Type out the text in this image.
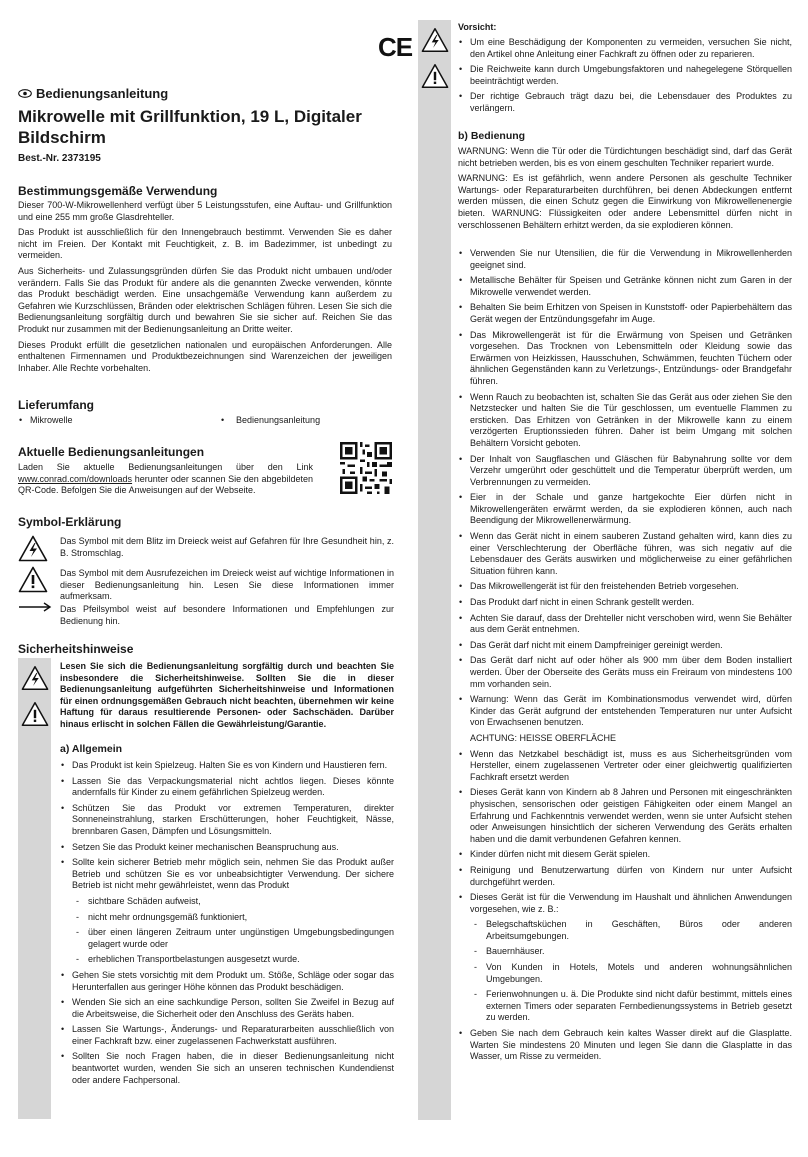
CE
Bedienungsanleitung
Mikrowelle mit Grillfunktion, 19 L, Digitaler Bildschirm
Best.-Nr. 2373195
Bestimmungsgemäße Verwendung

Dieser 700-W-Mikrowellenherd verfügt über 5 Leistungsstufen, eine Auftau- und Grillfunktion und eine 255 mm große Glasdrehteller.

Das Produkt ist ausschließlich für den Innengebrauch bestimmt. Verwenden Sie es daher nicht im Freien. Der Kontakt mit Feuchtigkeit, z. B. im Badezimmer, ist unbedingt zu vermeiden.

Aus Sicherheits- und Zulassungsgründen dürfen Sie das Produkt nicht umbauen und/oder verändern. Falls Sie das Produkt für andere als die genannten Zwecke verwenden, könnte das Produkt beschädigt werden. Eine unsachgemäße Verwendung kann außerdem zu Gefahren wie Kurzschlüssen, Bränden oder elektrischen Schlägen führen. Lesen Sie sich die Bedienungsanleitung sorgfältig durch und bewahren Sie sie sicher auf. Reichen Sie das Produkt nur zusammen mit der Bedienungsanleitung an Dritte weiter.

Dieses Produkt erfüllt die gesetzlichen nationalen und europäischen Anforderungen. Alle enthaltenen Firmennamen und Produktbezeichnungen sind Warenzeichen der jeweiligen Inhaber. Alle Rechte vorbehalten.

Lieferumfang
• Mikrowelle	• Bedienungsanleitung
Aktuelle Bedienungsanleitungen

Laden Sie aktuelle Bedienungsanleitungen über den Link www.conrad.com/downloads herunter oder scannen Sie den abgebildeten QR-Code. Befolgen Sie die Anweisungen auf der Webseite.

Symbol-Erklärung
Das Symbol mit dem Blitz im Dreieck weist auf Gefahren für Ihre Gesundheit hin, z. B. Stromschlag.
Das Symbol mit dem Ausrufezeichen im Dreieck weist auf wichtige Informationen in dieser Bedienungsanleitung hin. Lesen Sie diese Informationen immer aufmerksam.
Das Pfeilsymbol weist auf besondere Informationen und Empfehlungen zur Bedienung hin.
Sicherheitshinweise
Lesen Sie sich die Bedienungsanleitung sorgfältig durch und beachten Sie insbesondere die Sicherheitshinweise. Sollten Sie die in dieser Bedienungsanleitung aufgeführten Sicherheitshinweise und Informationen für einen ordnungsgemäßen Gebrauch nicht beachten, übernehmen wir keine Haftung für daraus resultierende Personen- oder Sachschäden. Darüber hinaus erlischt in solchen Fällen die Gewährleistung/Garantie.
a) Allgemein
• Das Produkt ist kein Spielzeug. Halten Sie es von Kindern und Haustieren fern.
• Lassen Sie das Verpackungsmaterial nicht achtlos liegen. Dieses könnte andernfalls für Kinder zu einem gefährlichen Spielzeug werden.
• Schützen Sie das Produkt vor extremen Temperaturen, direkter Sonneneinstrahlung, starken Erschütterungen, hoher Feuchtigkeit, Nässe, brennbaren Gasen, Dämpfen und Lösungsmitteln.
• Setzen Sie das Produkt keiner mechanischen Beanspruchung aus.
• Sollte kein sicherer Betrieb mehr möglich sein, nehmen Sie das Produkt außer Betrieb und schützen Sie es vor unbeabsichtigter Verwendung. Der sichere Betrieb ist nicht mehr gewährleistet, wenn das Produkt
- sichtbare Schäden aufweist,
- nicht mehr ordnungsgemäß funktioniert,
- über einen längeren Zeitraum unter ungünstigen Umgebungsbedingungen gelagert wurde oder
- erheblichen Transportbelastungen ausgesetzt wurde.
• Gehen Sie stets vorsichtig mit dem Produkt um. Stöße, Schläge oder sogar das Herunterfallen aus geringer Höhe können das Produkt beschädigen.
• Wenden Sie sich an eine sachkundige Person, sollten Sie Zweifel in Bezug auf die Arbeitsweise, die Sicherheit oder den Anschluss des Geräts haben.
• Lassen Sie Wartungs-, Änderungs- und Reparaturarbeiten ausschließlich von einer Fachkraft bzw. einer zugelassenen Fachwerkstatt ausführen.
• Sollten Sie noch Fragen haben, die in dieser Bedienungsanleitung nicht beantwortet wurden, wenden Sie sich an unseren technischen Kundendienst oder andere Fachpersonal.
Vorsicht:
• Um eine Beschädigung der Komponenten zu vermeiden, versuchen Sie nicht, den Artikel ohne Anleitung einer Fachkraft zu öffnen oder zu reparieren.
• Die Reichweite kann durch Umgebungsfaktoren und nahegelegene Störquellen beeinträchtigt werden.
• Der richtige Gebrauch trägt dazu bei, die Lebensdauer des Produktes zu verlängern.
b) Bedienung

WARNUNG: Wenn die Tür oder die Türdichtungen beschädigt sind, darf das Gerät nicht betrieben werden, bis es von einem geschulten Techniker repariert wurde.

WARNUNG: Es ist gefährlich, wenn andere Personen als geschulte Techniker Wartungs- oder Reparaturarbeiten durchführen, bei denen Abdeckungen entfernt werden müssen, die einen Schutz gegen die Einwirkung von Mikrowellenenergie bieten. WARNUNG: Flüssigkeiten oder andere Lebensmittel dürfen nicht in verschlossenen Behältern erhitzt werden, da sie explodieren können.

• Verwenden Sie nur Utensilien, die für die Verwendung in Mikrowellenherden geeignet sind.
• Metallische Behälter für Speisen und Getränke können nicht zum Garen in der Mikrowelle verwendet werden.
• Behalten Sie beim Erhitzen von Speisen in Kunststoff- oder Papierbehältern das Gerät wegen der Entzündungsgefahr im Auge.
• Das Mikrowellengerät ist für die Erwärmung von Speisen und Getränken vorgesehen. Das Trocknen von Lebensmitteln oder Kleidung sowie das Erwärmen von Heizkissen, Hausschuhen, Schwämmen, feuchten Tüchern oder ähnlichen Gegenständen kann zu Verletzungs-, Entzündungs- oder Brandgefahr führen.
• Wenn Rauch zu beobachten ist, schalten Sie das Gerät aus oder ziehen Sie den Netzstecker und halten Sie die Tür geschlossen, um eventuelle Flammen zu ersticken. Das Erhitzen von Getränken in der Mikrowelle kann zu einem verzögerten Eruptionssieden führen. Daher ist beim Umgang mit solchen Behältern Vorsicht geboten.
• Der Inhalt von Saugflaschen und Gläschen für Babynahrung sollte vor dem Verzehr umgerührt oder geschüttelt und die Temperatur überprüft werden, um Verbrennungen zu vermeiden.
• Eier in der Schale und ganze hartgekochte Eier dürfen nicht in Mikrowellengeräten erwärmt werden, da sie explodieren können, auch nach Beendigung der Mikrowellenerwärmung.
• Wenn das Gerät nicht in einem sauberen Zustand gehalten wird, kann dies zu einer Verschlechterung der Oberfläche führen, was sich negativ auf die Lebensdauer des Geräts auswirken und möglicherweise zu einer gefährlichen Situation führen kann.
• Das Mikrowellengerät ist für den freistehenden Betrieb vorgesehen.
• Das Produkt darf nicht in einen Schrank gestellt werden.
• Achten Sie darauf, dass der Drehteller nicht verschoben wird, wenn Sie Behälter aus dem Gerät entnehmen.
• Das Gerät darf nicht mit einem Dampfreiniger gereinigt werden.
• Das Gerät darf nicht auf oder höher als 900 mm über dem Boden installiert werden. Über der Oberseite des Geräts muss ein Freiraum von mindestens 100 mm vorhanden sein.
• Warnung: Wenn das Gerät im Kombinationsmodus verwendet wird, dürfen Kinder das Gerät aufgrund der entstehenden Temperaturen nur unter Aufsicht von Erwachsenen benutzen.
ACHTUNG: HEISSE OBERFLÄCHE
• Wenn das Netzkabel beschädigt ist, muss es aus Sicherheitsgründen vom Hersteller, einem zugelassenen Vertreter oder einer gleichwertig qualifizierten Fachkraft ersetzt werden
• Dieses Gerät kann von Kindern ab 8 Jahren und Personen mit eingeschränkten physischen, sensorischen oder geistigen Fähigkeiten oder einem Mangel an Erfahrung und Fachkenntnis verwendet werden, wenn sie unter Aufsicht stehen oder Anweisungen hinsichtlich der sicheren Verwendung des Geräts erhalten haben und die damit verbundenen Gefahren kennen.
• Kinder dürfen nicht mit diesem Gerät spielen.
• Reinigung und Benutzerwartung dürfen von Kindern nur unter Aufsicht durchgeführt werden.
• Dieses Gerät ist für die Verwendung im Haushalt und ähnlichen Anwendungen vorgesehen, wie z. B.:
- Belegschaftsküchen in Geschäften, Büros oder anderen Arbeitsumgebungen.
- Bauernhäuser.
- Von Kunden in Hotels, Motels und anderen wohnungsähnlichen Umgebungen.
- Ferienwohnungen u. ä. Die Produkte sind nicht dafür bestimmt, mittels eines externen Timers oder separaten Fernbedienungssystems in Betrieb gesetzt zu werden.
• Geben Sie nach dem Gebrauch kein kaltes Wasser direkt auf die Glasplatte. Warten Sie mindestens 20 Minuten und legen Sie dann die Glasplatte in das Wasser, um Risse zu vermeiden.
